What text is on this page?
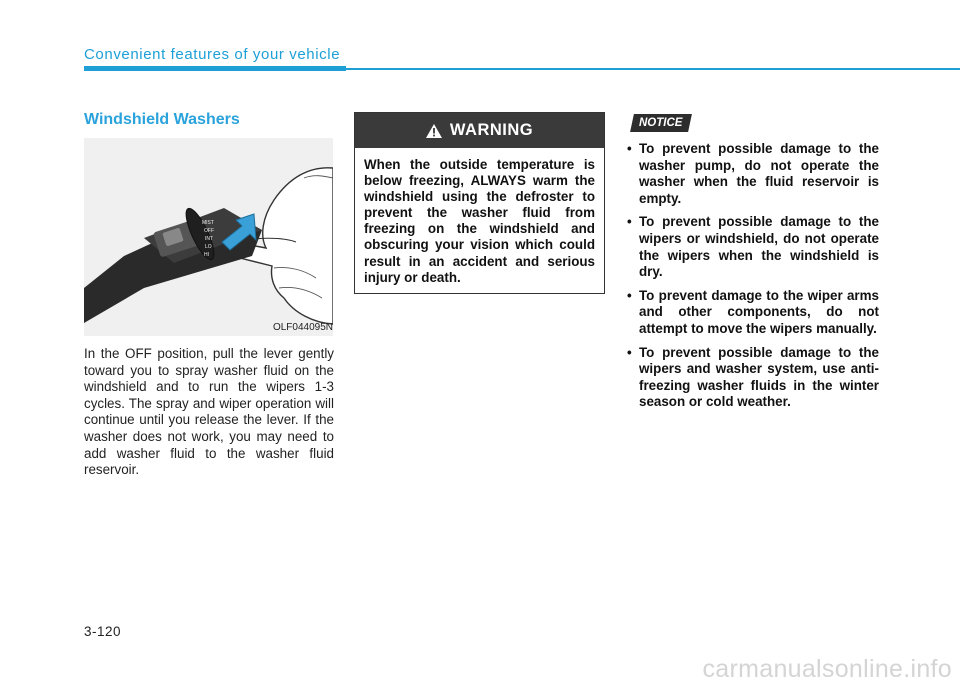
Convenient features of your vehicle
Windshield Washers
MIST
OFF
INT
LO
HI
OLF044095N
In the OFF position, pull the lever gently toward you to spray washer fluid on the windshield and to run the wipers 1-3 cycles. The spray and wiper operation will continue until you release the lever. If the washer does not work, you may need to add washer fluid to the washer fluid reservoir.
WARNING
When the outside temperature is below freezing, ALWAYS warm the windshield using the defroster to prevent the washer fluid from freezing on the windshield and obscuring your vision which could result in an accident and serious injury or death.
NOTICE
• To prevent possible damage to the washer pump, do not operate the washer when the fluid reservoir is empty.
• To prevent possible damage to the wipers or windshield, do not operate the wipers when the windshield is dry.
• To prevent damage to the wiper arms and other components, do not attempt to move the wipers manually.
• To prevent possible damage to the wipers and washer system, use anti-freezing washer fluids in the winter season or cold weather.
3-120
carmanualsonline.info
